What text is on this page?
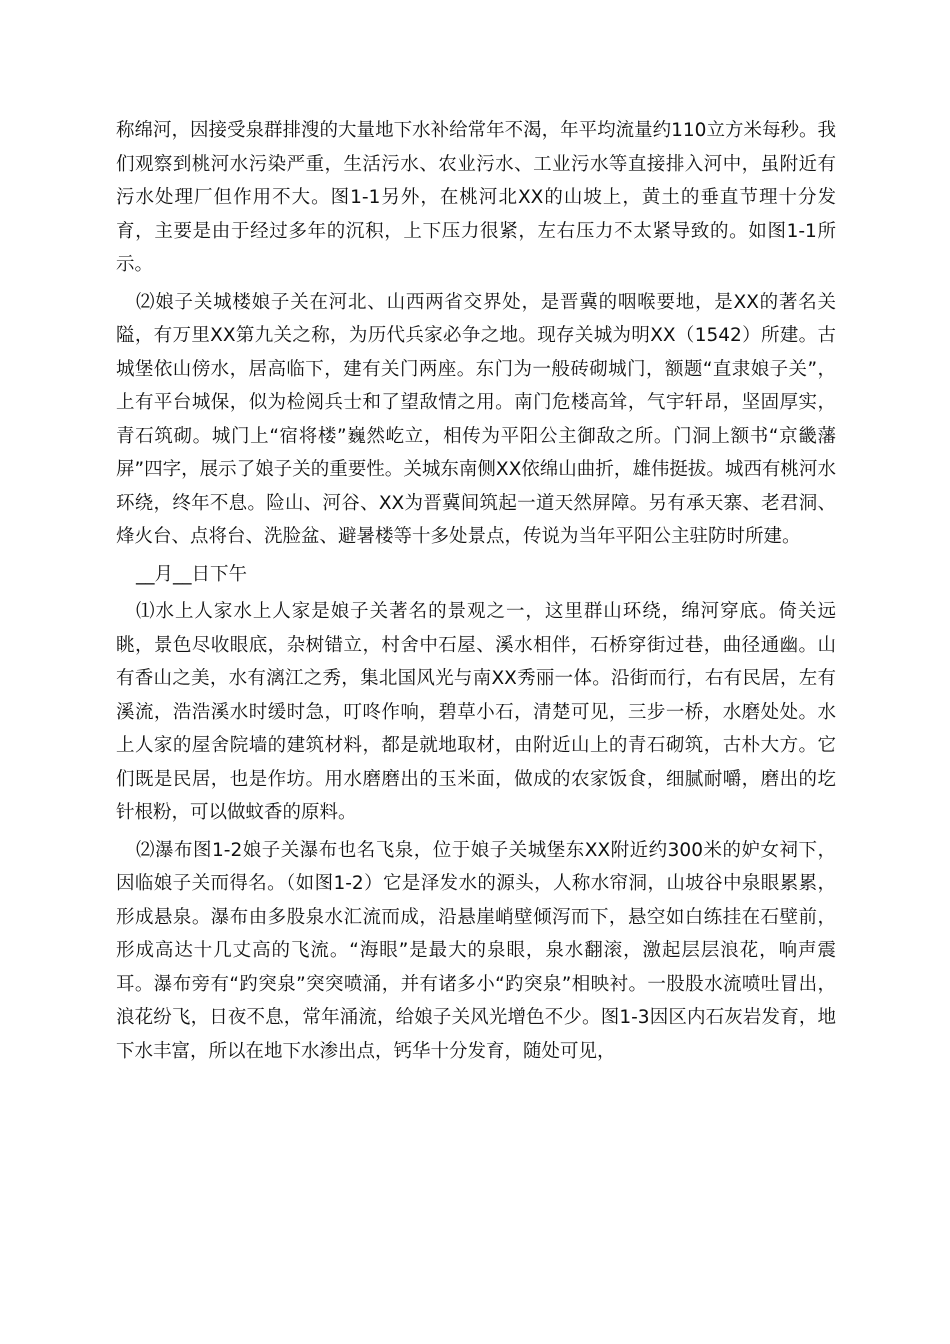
称绵河，因接受泉群排溲的大量地下水补给常年不渴，年平均流量约110立方米每秒。我们观察到桃河水污染严重，生活污水、农业污水、工业污水等直接排入河中，虽附近有污水处理厂但作用不大。图1-1另外，在桃河北XX的山坡上，黄土的垂直节理十分发育，主要是由于经过多年的沉积，上下压力很紧，左右压力不太紧导致的。如图1-1所示。

⑵娘子关城楼娘子关在河北、山西两省交界处，是晋冀的咽喉要地，是XX的著名关隘，有万里XX第九关之称，为历代兵家必争之地。现存关城为明XX（1542）所建。古城堡依山傍水，居高临下，建有关门两座。东门为一般砖砌城门，额题“直隶娘子关”，上有平台城保，似为检阅兵士和了望敌情之用。南门危楼高耸，气宇轩昂，坚固厚实，青石筑砌。城门上“宿将楼”巍然屹立，相传为平阳公主御敌之所。门洞上额书“京畿藩屏”四字，展示了娘子关的重要性。关城东南侧XX依绵山曲折，雄伟挺拔。城西有桃河水环绕，终年不息。险山、河谷、XX为晋冀间筑起一道天然屏障。另有承天寨、老君洞、烽火台、点将台、洗脸盆、避暑楼等十多处景点，传说为当年平阳公主驻防时所建。

__月__日下午

⑴水上人家水上人家是娘子关著名的景观之一，这里群山环绕，绵河穿底。倚关远眺，景色尽收眼底，杂树错立，村舍中石屋、溪水相伴，石桥穿街过巷，曲径通幽。山有香山之美，水有漓江之秀，集北国风光与南XX秀丽一体。沿街而行，右有民居，左有溪流，浩浩溪水时缓时急，叮咚作响，碧草小石，清楚可见，三步一桥，水磨处处。水上人家的屋舍院墙的建筑材料，都是就地取材，由附近山上的青石砌筑，古朴大方。它们既是民居，也是作坊。用水磨磨出的玉米面，做成的农家饭食，细腻耐嚼，磨出的圪针根粉，可以做蚊香的原料。

⑵瀑布图1-2娘子关瀑布也名飞泉，位于娘子关城堡东XX附近约300米的妒女祠下，因临娘子关而得名。（如图1-2）它是泽发水的源头，人称水帘洞，山坡谷中泉眼累累，形成悬泉。瀑布由多股泉水汇流而成，沿悬崖峭壁倾泻而下，悬空如白练挂在石壁前，形成高达十几丈高的飞流。“海眼”是最大的泉眼，泉水翻滚，激起层层浪花，响声震耳。瀑布旁有“趵突泉”突突喷涌，并有诸多小“趵突泉”相映衬。一股股水流喷吐冒出，浪花纷飞，日夜不息，常年涌流，给娘子关风光增色不少。图1-3因区内石灰岩发育，地下水丰富，所以在地下水渗出点，钙华十分发育，随处可见，
